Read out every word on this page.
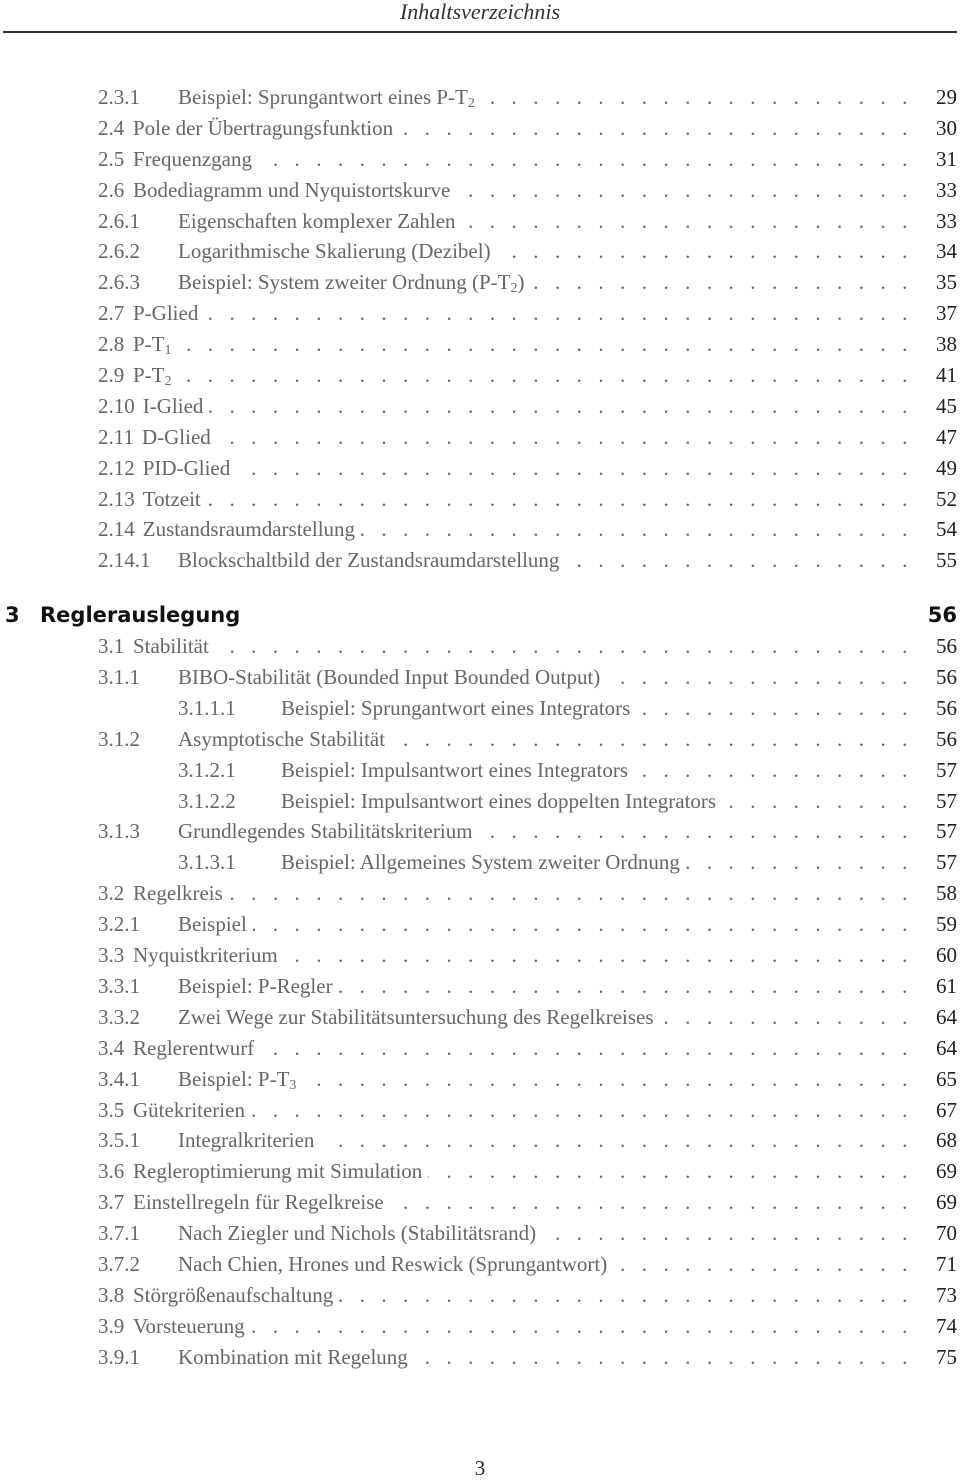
Inhaltsverzeichnis
2.3.1	Beispiel: Sprungantwort eines $P-T_2$ . . .	29
2.4 Pole der Übertragungsfunktion . . .	30
2.5 Frequenzgang . . .	31
2.6 Bodediagramm und Nyquistortskurve . . .	33
2.6.1	Eigenschaften komplexer Zahlen . . .	33
2.6.2	Logarithmische Skalierung (Dezibel) . . .	34
2.6.3	Beispiel: System zweiter Ordnung $(P-T_2)$ . . .	35
2.7 P-Glied . . .	37
2.8 $P-T_1$ . . .	38
2.9 $P-T_2$ . . .	41
2.10 I-Glied . . .	45
2.11 D-Glied . . .	47
2.12 PID-Glied . . .	49
2.13 Totzeit . . .	52
2.14 Zustandsraumdarstellung . . .	54
2.14.1	Blockschaltbild der Zustandsraumdarstellung . . .	55
3 Reglerauslegung	56
3.1 Stabilität . . .	56
3.1.1	BIBO-Stabilität (Bounded Input Bounded Output) . . .	56
3.1.1.1	Beispiel: Sprungantwort eines Integrators . . .	56
3.1.2	Asymptotische Stabilität . . .	56
3.1.2.1	Beispiel: Impulsantwort eines Integrators . . .	57
3.1.2.2	Beispiel: Impulsantwort eines doppelten Integrators . . .	57
3.1.3	Grundlegendes Stabilitätskriterium . . .	57
3.1.3.1	Beispiel: Allgemeines System zweiter Ordnung . . .	57
3.2 Regelkreis . . .	58
3.2.1	Beispiel . . .	59
3.3 Nyquistkriterium . . .	60
3.3.1	Beispiel: P-Regler . . .	61
3.3.2	Zwei Wege zur Stabilitätsuntersuchung des Regelkreises . . .	64
3.4 Reglerentwurf . . .	64
3.4.1	Beispiel: $P-T_3$ . . .	65
3.5 Gütekriterien . . .	67
3.5.1	Integralkriterien . . .	68
3.6 Regleroptimierung mit Simulation . . .	69
3.7 Einstellregeln für Regelkreise . . .	69
3.7.1	Nach Ziegler und Nichols (Stabilitätsrand) . . .	70
3.7.2	Nach Chien, Hrones und Reswick (Sprungantwort) . . .	71
3.8 Störgrößenaufschaltung . . .	73
3.9 Vorsteuerung . . .	74
3.9.1	Kombination mit Regelung . . .	75
3
